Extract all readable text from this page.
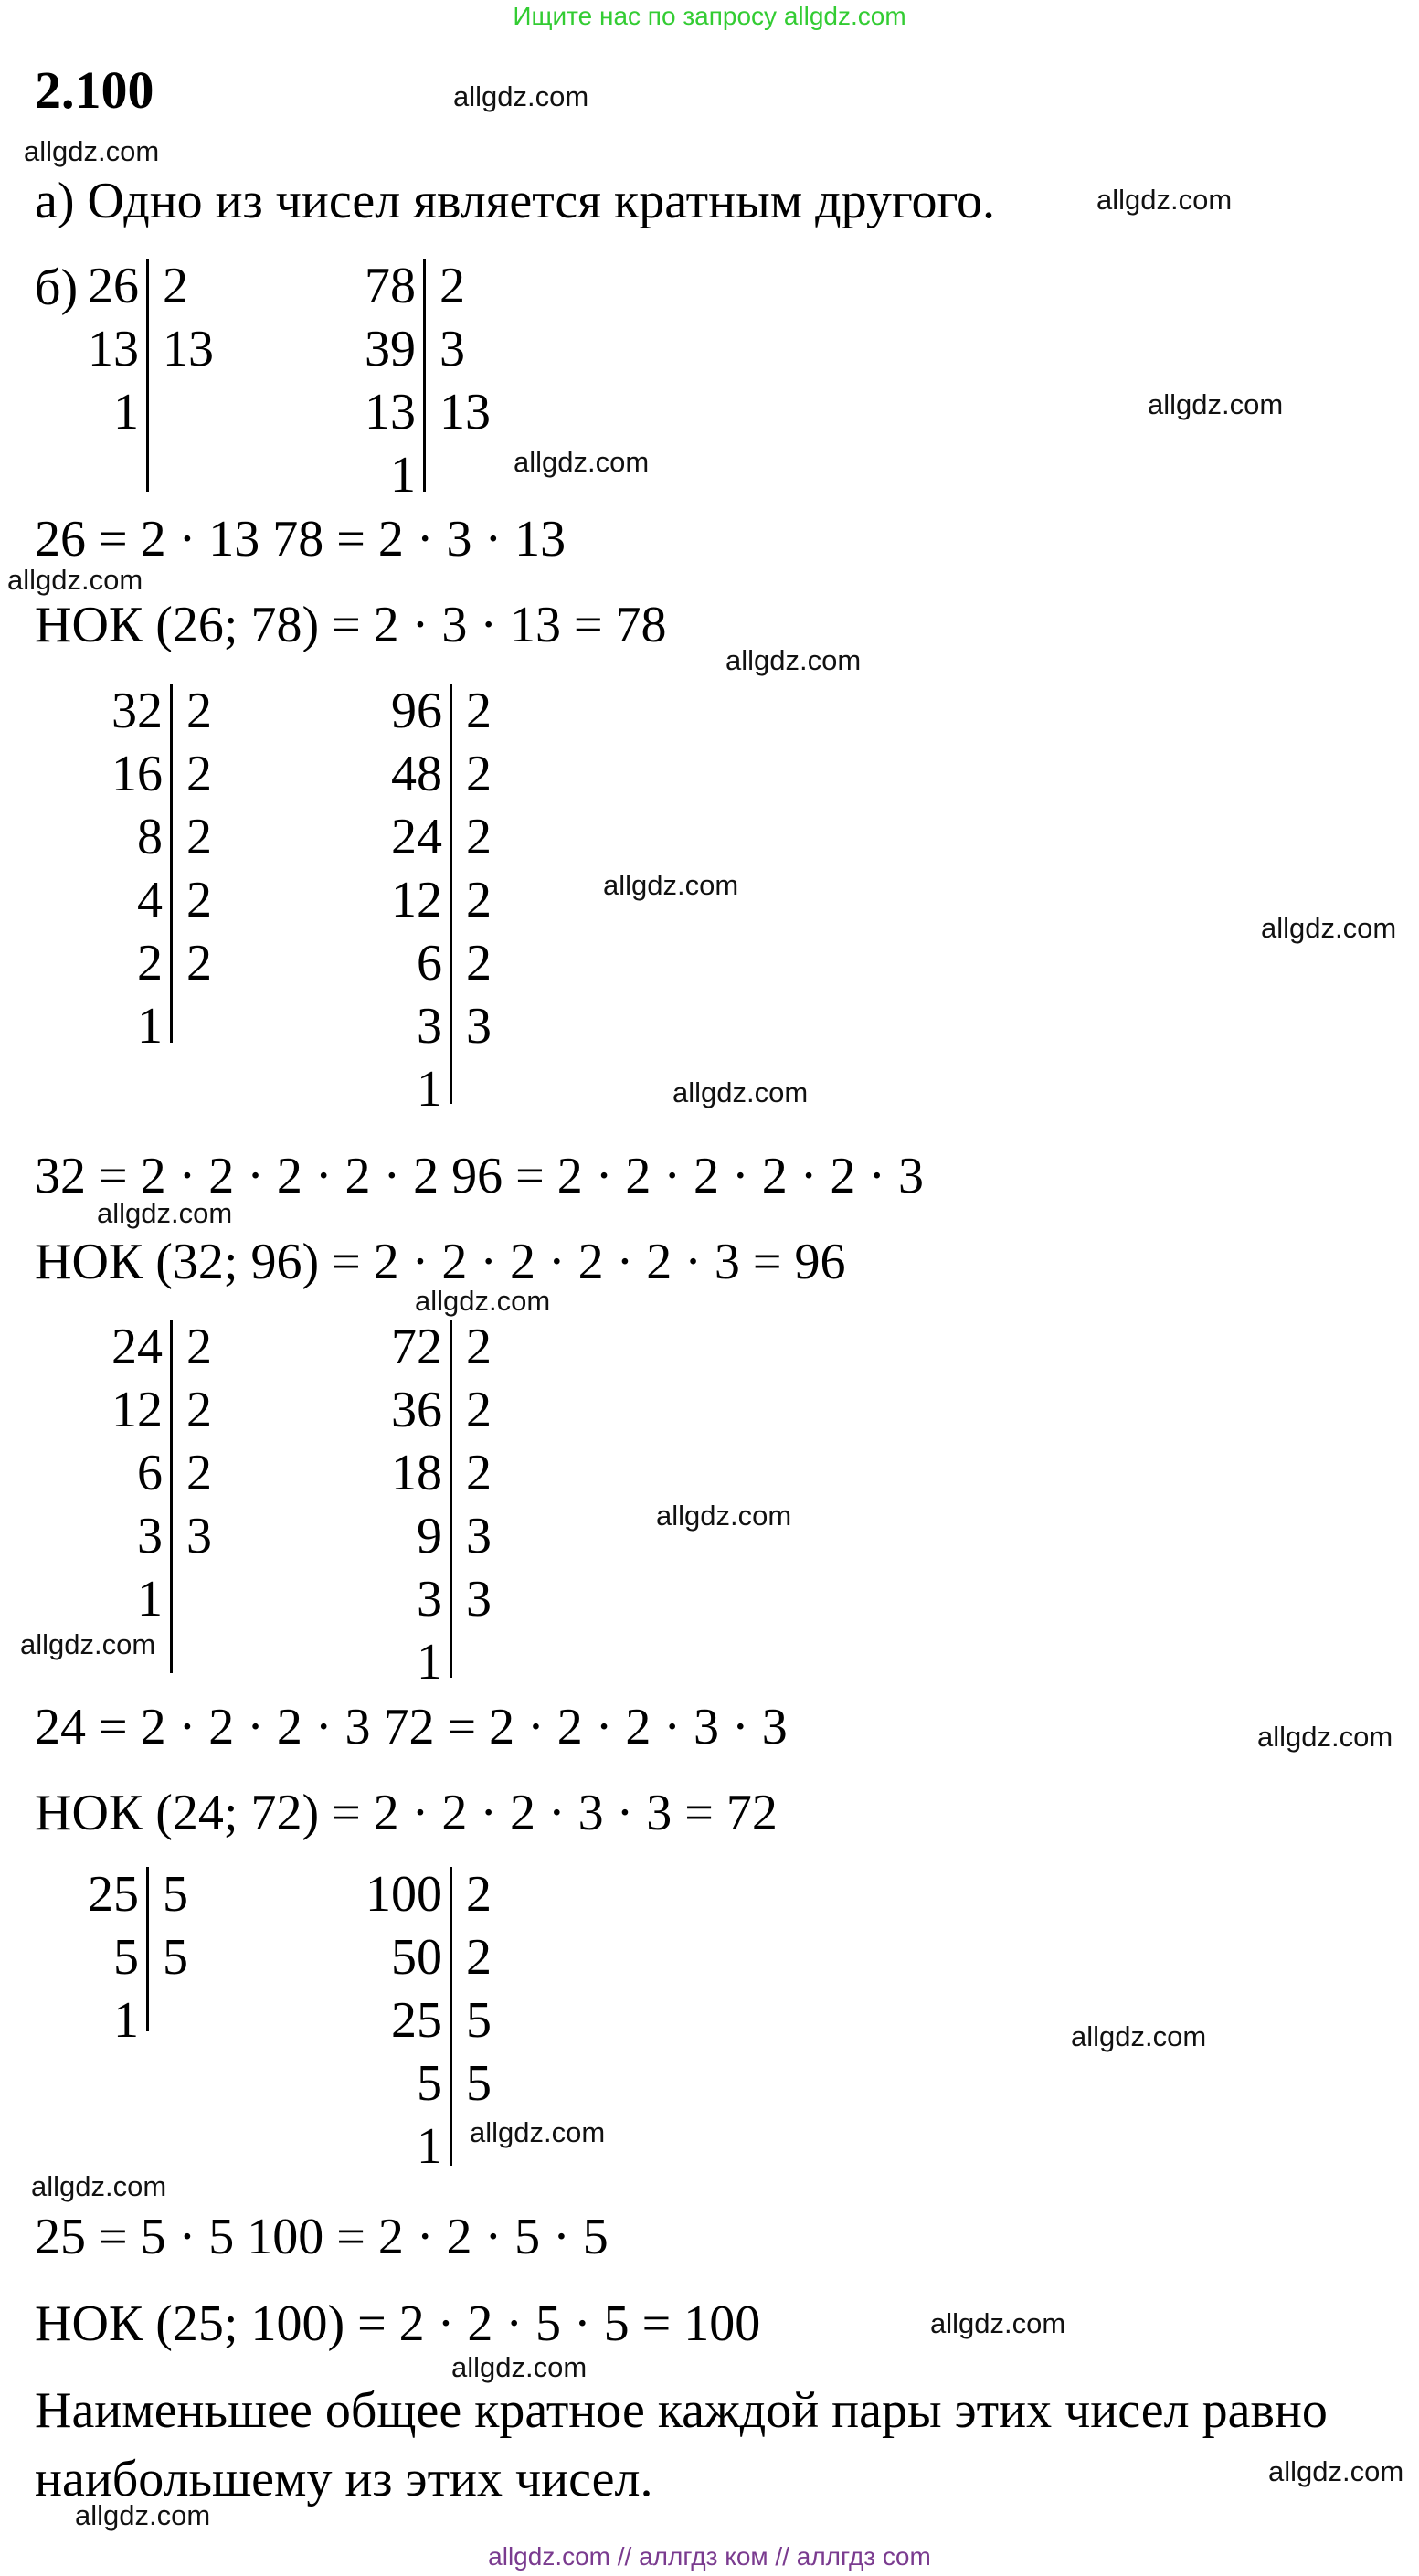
Ищите нас по запросу allgdz.com
2.100
а) Одно из чисел является кратным другого.
б) 26 2
13 13
1
78 2
39 3
13 13
1
32 2
16 2
8 2
4 2
2 2
1
96 2
48 2
24 2
12 2
6 2
3 3
1
24 2
12 2
6 2
3 3
1
72 2
36 2
18 2
9 3
3 3
1
25 5
5 5
1
100 2
50 2
25 5
5 5
1
26 = 2 · 13 78 = 2 · 3 · 13
НОК (26; 78) = 2 · 3 · 13 = 78
32 = 2 · 2 · 2 · 2 · 2 96 = 2 · 2 · 2 · 2 · 2 · 3
НОК (32; 96) = 2 · 2 · 2 · 2 · 2 · 3 = 96
24 = 2 · 2 · 2 · 3 72 = 2 · 2 · 2 · 3 · 3
НОК (24; 72) = 2 · 2 · 2 · 3 · 3 = 72
25 = 5 · 5 100 = 2 · 2 · 5 · 5
НОК (25; 100) = 2 · 2 · 5 · 5 = 100
Наименьшее общее кратное каждой пары этих чисел равно
наибольшему из этих чисел.
allgdz.com
allgdz.com
allgdz.com
allgdz.com
allgdz.com
allgdz.com
allgdz.com
allgdz.com
allgdz.com
allgdz.com
allgdz.com
allgdz.com
allgdz.com
allgdz.com
allgdz.com
allgdz.com
allgdz.com
allgdz.com
allgdz.com
allgdz.com
allgdz.com
allgdz.com
allgdz.com // аллгдз ком // аллгдз com
